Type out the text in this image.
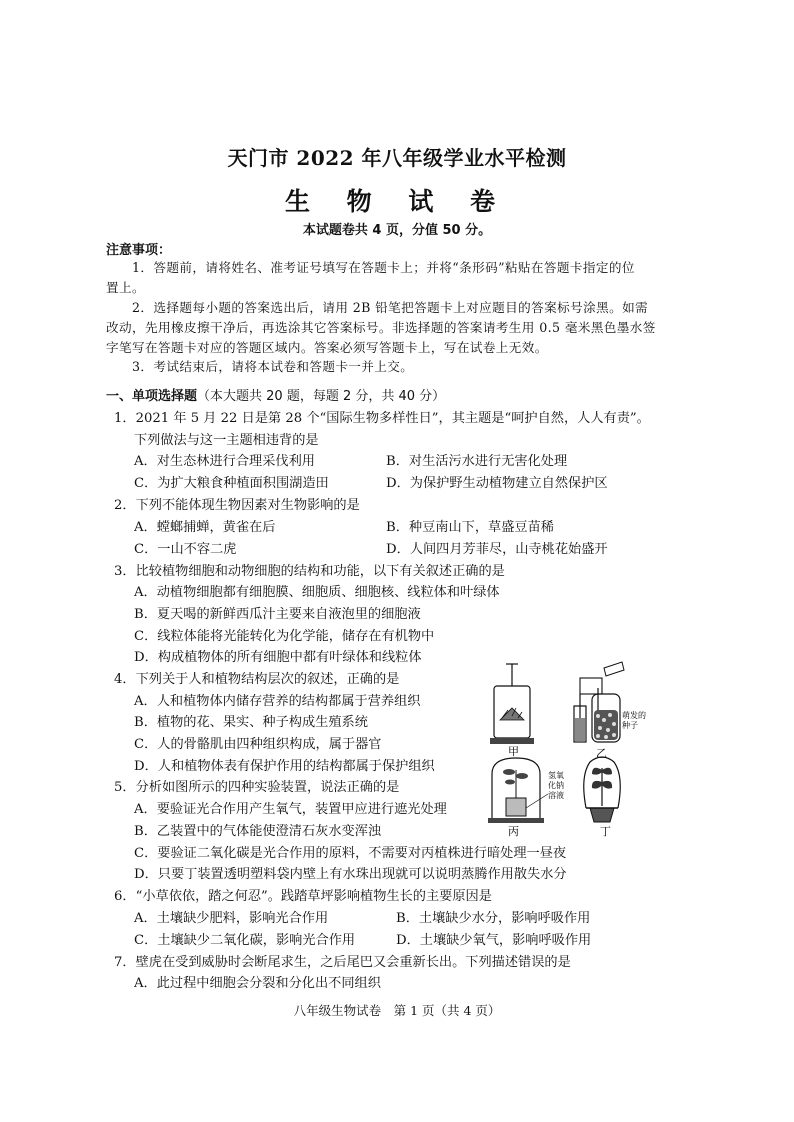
天门市 2022 年八年级学业水平检测
生 物 试 卷
本试题卷共 4 页，分值 50 分。
注意事项：
1．答题前，请将姓名、准考证号填写在答题卡上；并将“条形码”粘贴在答题卡指定的位
置上。
2．选择题每小题的答案选出后，请用 2B 铅笔把答题卡上对应题目的答案标号涂黑。如需
改动，先用橡皮擦干净后，再选涂其它答案标号。非选择题的答案请考生用 0.5 毫米黑色墨水签
字笔写在答题卡对应的答题区域内。答案必须写答题卡上，写在试卷上无效。
3．考试结束后，请将本试卷和答题卡一并上交。
一、单项选择题（本大题共 20 题，每题 2 分，共 40 分）
1．2021 年 5 月 22 日是第 28 个“国际生物多样性日”，其主题是“呵护自然，人人有责”。
下列做法与这一主题相违背的是
A．对生态林进行合理采伐利用	B．对生活污水进行无害化处理
C．为扩大粮食种植面积围湖造田	D．为保护野生动植物建立自然保护区
2．下列不能体现生物因素对生物影响的是
A．螳螂捕蝉，黄雀在后	B．种豆南山下，草盛豆苗稀
C．一山不容二虎	D．人间四月芳菲尽，山寺桃花始盛开
3．比较植物细胞和动物细胞的结构和功能，以下有关叙述正确的是
A．动植物细胞都有细胞膜、细胞质、细胞核、线粒体和叶绿体
B．夏天喝的新鲜西瓜汁主要来自液泡里的细胞液
C．线粒体能将光能转化为化学能，储存在有机物中
D．构成植物体的所有细胞中都有叶绿体和线粒体
4．下列关于人和植物结构层次的叙述，正确的是
A．人和植物体内储存营养的结构都属于营养组织
B．植物的花、果实、种子构成生殖系统
C．人的骨骼肌由四种组织构成，属于器官
D．人和植物体表有保护作用的结构都属于保护组织
5．分析如图所示的四种实验装置，说法正确的是
A．要验证光合作用产生氧气，装置甲应进行遮光处理
B．乙装置中的气体能使澄清石灰水变浑浊
C．要验证二氧化碳是光合作用的原料，不需要对丙植株进行暗处理一昼夜
D．只要丁装置透明塑料袋内壁上有水珠出现就可以说明蒸腾作用散失水分
6．“小草依依，踏之何忍”。践踏草坪影响植物生长的主要原因是
A．土壤缺少肥料，影响光合作用	B．土壤缺少水分，影响呼吸作用
C．土壤缺少二氧化碳，影响光合作用	D．土壤缺少氧气，影响呼吸作用
7．壁虎在受到威胁时会断尾求生，之后尾巴又会重新长出。下列描述错误的是
A．此过程中细胞会分裂和分化出不同组织
甲	乙
丙	丁
萌发的
种子
氢氧
化钠
溶液
八年级生物试卷　第 1 页（共 4 页）
